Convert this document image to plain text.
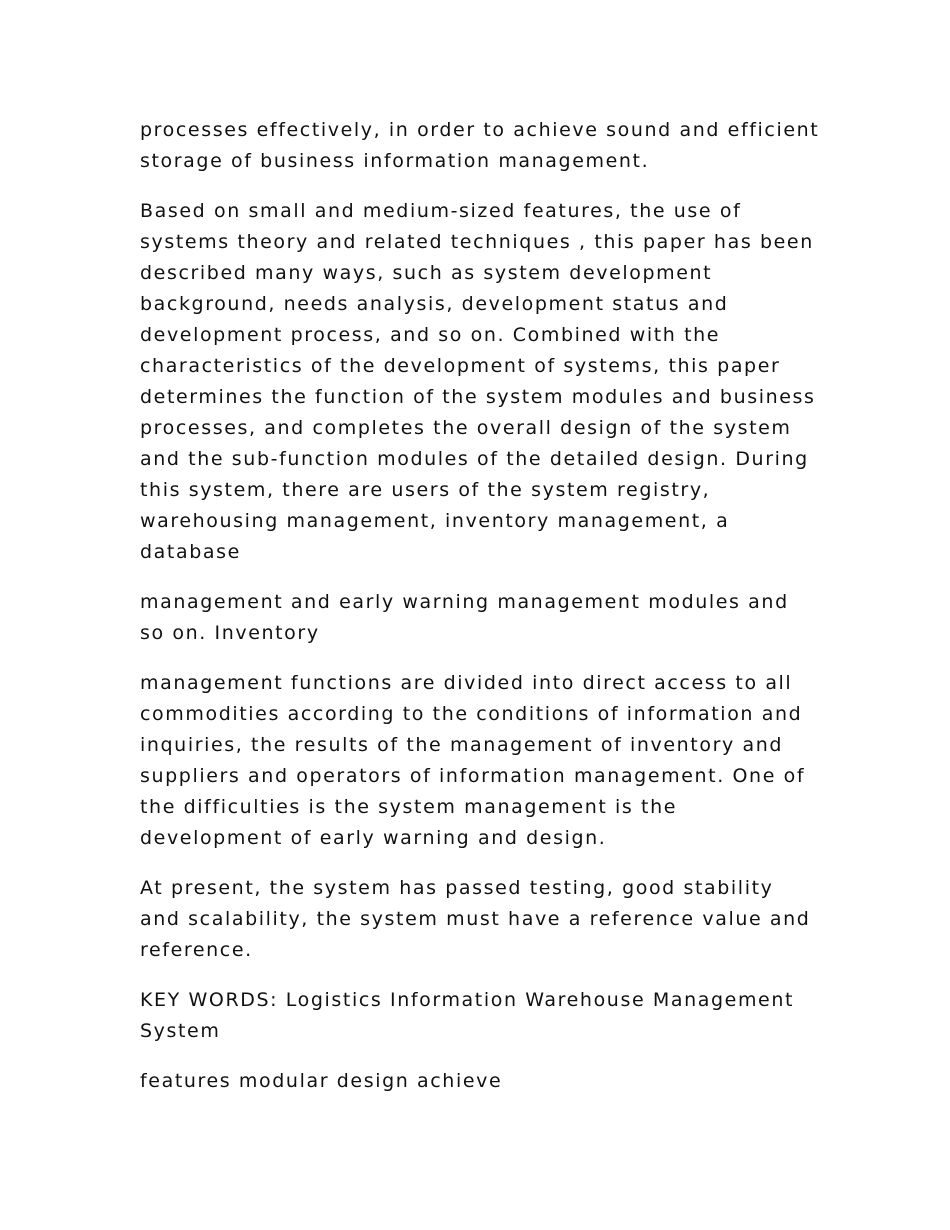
processes effectively, in order to achieve sound and efficient storage of business information management.

Based on small and medium-sized features, the use of systems theory and related techniques , this paper has been described many ways, such as system development background, needs analysis, development status and development process, and so on. Combined with the characteristics of the development of systems, this paper determines the function of the system modules and business processes, and completes the overall design of the system and the sub-function modules of the detailed design. During this system, there are users of the system registry, warehousing management, inventory management, a database

management and early warning management modules and so on. Inventory

management functions are divided into direct access to all commodities according to the conditions of information and inquiries, the results of the management of inventory and suppliers and operators of information management. One of the difficulties is the system management is the development of early warning and design.

At present, the system has passed testing, good stability and scalability, the system must have a reference value and reference.

KEY WORDS: Logistics Information Warehouse Management System

features modular design achieve
